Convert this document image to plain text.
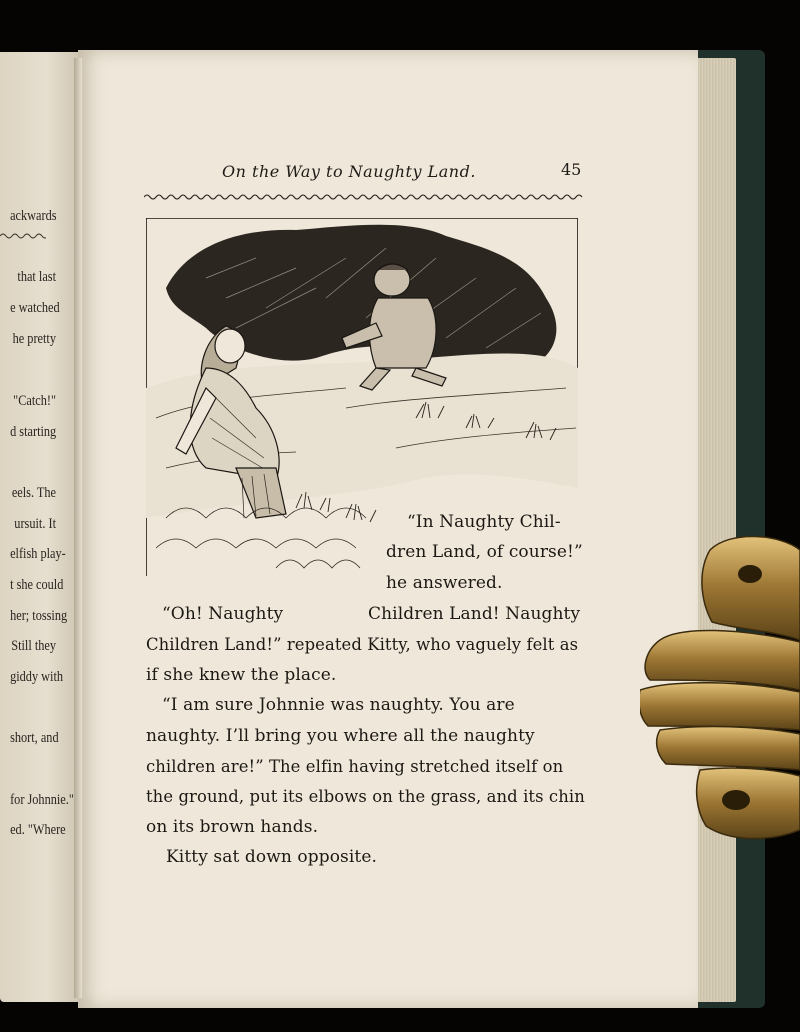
ackwards
that last
e watched
he pretty
"Catch!"
d starting
eels. The
ursuit. It
elfish play-
t she could
her; tossing
Still they
giddy with
short, and
for Johnnie."
ed. "Where
On the Way to Naughty Land.	45
“In Naughty Chil-
dren Land, of course!”
he answered.
“Oh! Naughty	Children Land! Naughty
Children Land!” repeated Kitty, who vaguely felt as
if she knew the place.
“I am sure Johnnie was naughty. You are
naughty. I’ll bring you where all the naughty
children are!” The elfin having stretched itself on
the ground, put its elbows on the grass, and its chin
on its brown hands.
Kitty sat down opposite.
